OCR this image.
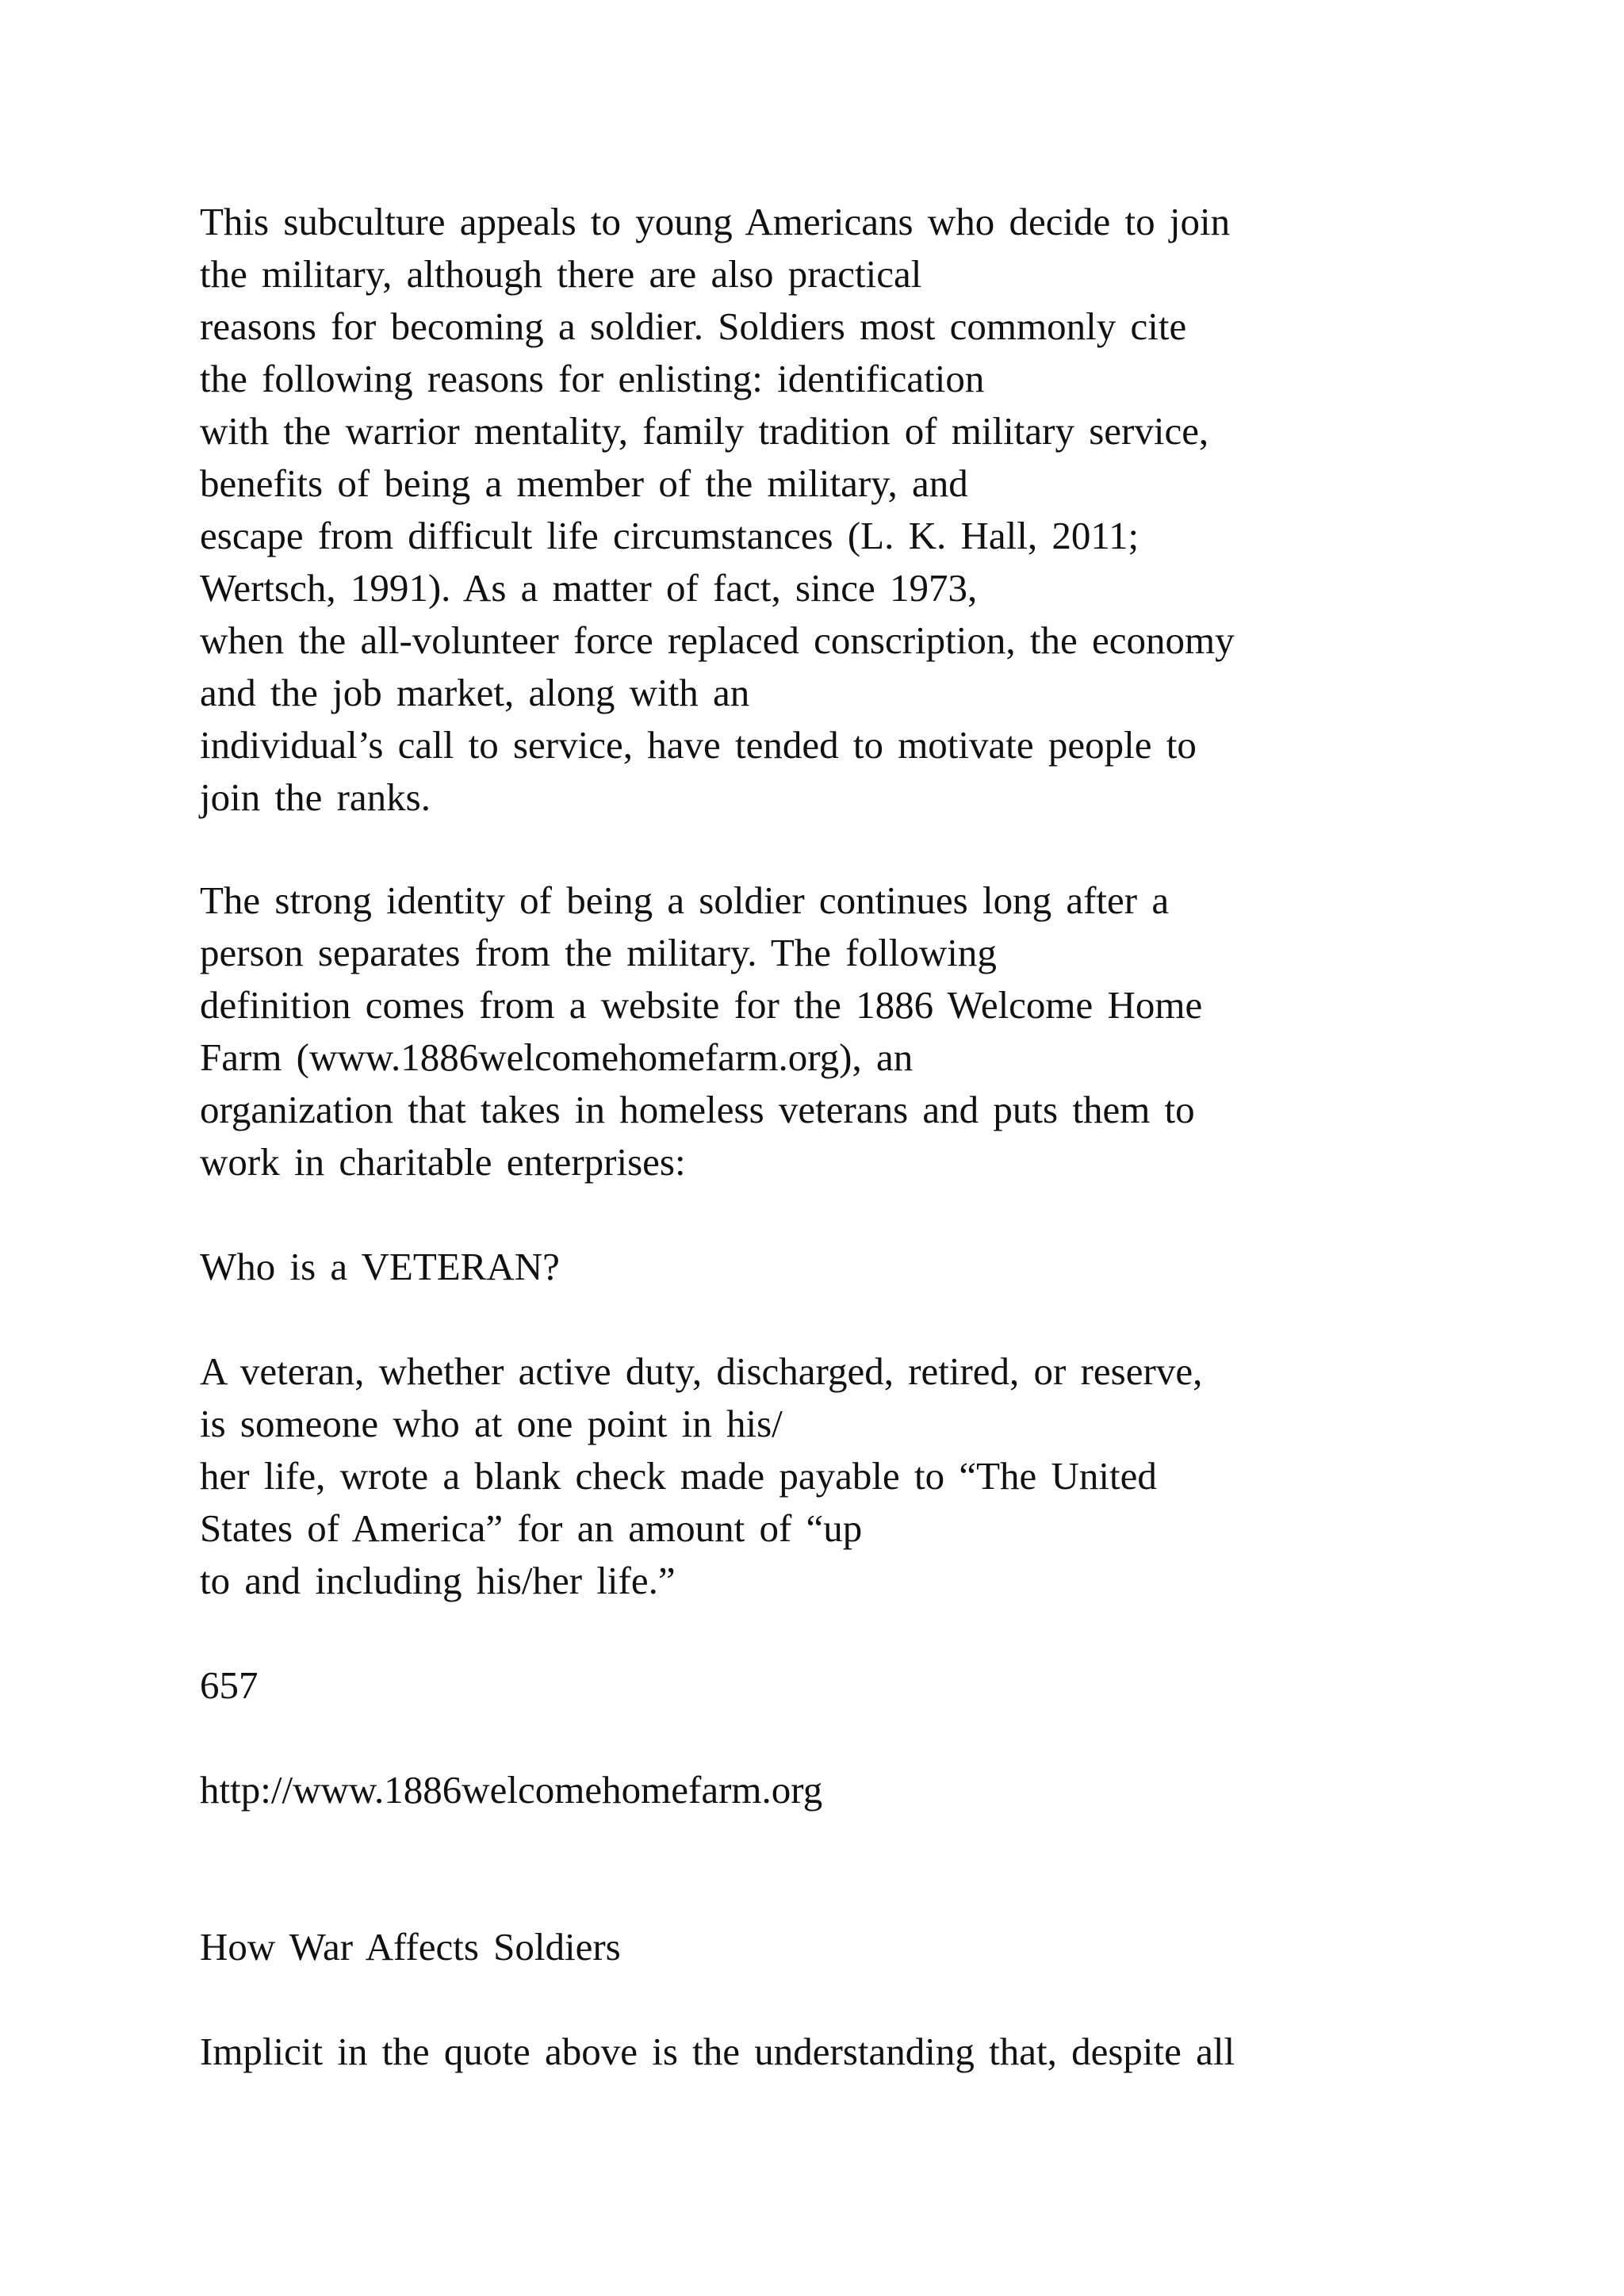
This subculture appeals to young Americans who decide to join
the military, although there are also practical
reasons for becoming a soldier. Soldiers most commonly cite
the following reasons for enlisting: identification
with the warrior mentality, family tradition of military service,
benefits of being a member of the military, and
escape from difficult life circumstances (L. K. Hall, 2011;
Wertsch, 1991). As a matter of fact, since 1973,
when the all-volunteer force replaced conscription, the economy
and the job market, along with an
individual’s call to service, have tended to motivate people to
join the ranks.
The strong identity of being a soldier continues long after a
person separates from the military. The following
definition comes from a website for the 1886 Welcome Home
Farm (www.1886welcomehomefarm.org), an
organization that takes in homeless veterans and puts them to
work in charitable enterprises:
Who is a VETERAN?
A veteran, whether active duty, discharged, retired, or reserve,
is someone who at one point in his/
her life, wrote a blank check made payable to “The United
States of America” for an amount of “up
to and including his/her life.”
657
http://www.1886welcomehomefarm.org
How War Affects Soldiers
Implicit in the quote above is the understanding that, despite all
